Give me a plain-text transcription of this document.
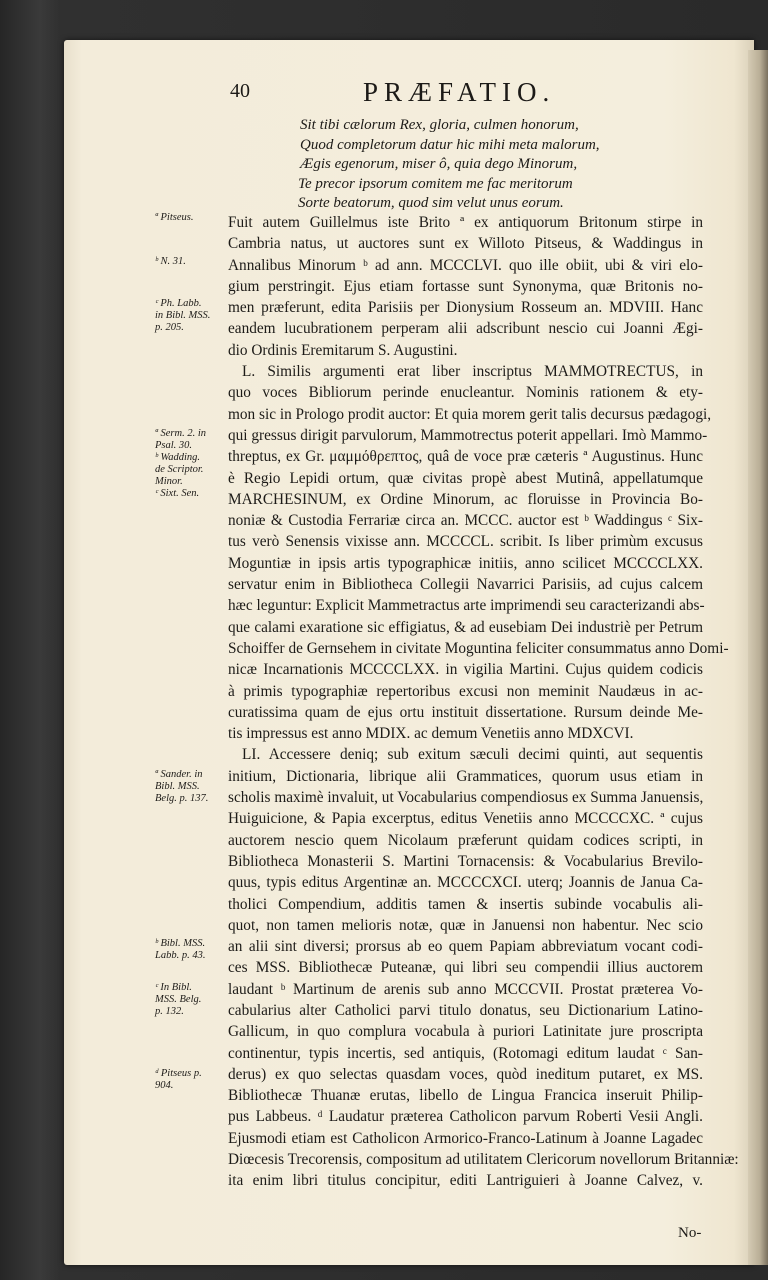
40	PRÆFATIO.
Sit tibi cælorum Rex, gloria, culmen honorum,
Quod completorum datur hic mihi meta malorum,
Ægis egenorum, miser ô, quia dego Minorum,
Te precor ipsorum comitem me fac meritorum
Sorte beatorum, quod sim velut unus eorum.
ª Pitseus.
ᵇ N. 31.
ᶜ Ph. Labb.
in Bibl. MSS.
p. 205.
ª Serm. 2. in
Psal. 30.
ᵇ Wadding.
de Scriptor.
Minor.
ᶜ Sixt. Sen.
ª Sander. in
Bibl. MSS.
Belg. p. 137.
ᵇ Bibl. MSS.
Labb. p. 43.
ᶜ In Bibl.
MSS. Belg.
p. 132.
ᵈ Pitseus p.
904.
Fuit autem Guillelmus iste Brito ª ex antiquorum Britonum stirpe in
Cambria natus, ut auctores sunt ex Willoto Pitseus, & Waddingus in
Annalibus Minorum ᵇ ad ann. MCCCLVI. quo ille obiit, ubi & viri elo-
gium perstringit. Ejus etiam fortasse sunt Synonyma, quæ Britonis no-
men præferunt, edita Parisiis per Dionysium Rosseum an. MDVIII. Hanc
eandem lucubrationem perperam alii adscribunt nescio cui Joanni Ægi-
dio Ordinis Eremitarum S. Augustini.
L. Similis argumenti erat liber inscriptus MAMMOTRECTUS, in
quo voces Bibliorum perinde enucleantur. Nominis rationem & ety-
mon sic in Prologo prodit auctor: Et quia morem gerit talis decursus pædagogi,
qui gressus dirigit parvulorum, Mammotrectus poterit appellari. Imò Mammo-
threptus, ex Gr. μαμμόθρεπτος, quâ de voce præ cæteris ª Augustinus. Hunc
è Regio Lepidi ortum, quæ civitas propè abest Mutinâ, appellatumque
MARCHESINUM, ex Ordine Minorum, ac floruisse in Provincia Bo-
noniæ & Custodia Ferrariæ circa an. MCCC. auctor est ᵇ Waddingus ᶜ Six-
tus verò Senensis vixisse ann. MCCCCL. scribit. Is liber primùm excusus
Moguntiæ in ipsis artis typographicæ initiis, anno scilicet MCCCCLXX.
servatur enim in Bibliotheca Collegii Navarrici Parisiis, ad cujus calcem
hæc leguntur: Explicit Mammetractus arte imprimendi seu caracterizandi abs-
que calami exaratione sic effigiatus, & ad eusebiam Dei industriè per Petrum
Schoiffer de Gernsehem in civitate Moguntina feliciter consummatus anno Domi-
nicæ Incarnationis MCCCCLXX. in vigilia Martini. Cujus quidem codicis
à primis typographiæ repertoribus excusi non meminit Naudæus in ac-
curatissima quam de ejus ortu instituit dissertatione. Rursum deinde Me-
tis impressus est anno MDIX. ac demum Venetiis anno MDXCVI.
LI. Accessere deniq; sub exitum sæculi decimi quinti, aut sequentis
initium, Dictionaria, librique alii Grammatices, quorum usus etiam in
scholis maximè invaluit, ut Vocabularius compendiosus ex Summa Januensis,
Huiguicione, & Papia excerptus, editus Venetiis anno MCCCCXC. ª cujus
auctorem nescio quem Nicolaum præferunt quidam codices scripti, in
Bibliotheca Monasterii S. Martini Tornacensis: & Vocabularius Brevilo-
quus, typis editus Argentinæ an. MCCCCXCI. uterq; Joannis de Janua Ca-
tholici Compendium, additis tamen & insertis subinde vocabulis ali-
quot, non tamen melioris notæ, quæ in Januensi non habentur. Nec scio
an alii sint diversi; prorsus ab eo quem Papiam abbreviatum vocant codi-
ces MSS. Bibliothecæ Puteanæ, qui libri seu compendii illius auctorem
laudant ᵇ Martinum de arenis sub anno MCCCVII. Prostat præterea Vo-
cabularius alter Catholici parvi titulo donatus, seu Dictionarium Latino-
Gallicum, in quo complura vocabula à puriori Latinitate jure proscripta
continentur, typis incertis, sed antiquis, (Rotomagi editum laudat ᶜ San-
derus) ex quo selectas quasdam voces, quòd ineditum putaret, ex MS.
Bibliothecæ Thuanæ erutas, libello de Lingua Francica inseruit Philip-
pus Labbeus. ᵈ Laudatur præterea Catholicon parvum Roberti Vesii Angli.
Ejusmodi etiam est Catholicon Armorico-Franco-Latinum à Joanne Lagadec
Diœcesis Trecorensis, compositum ad utilitatem Clericorum novellorum Britanniæ:
ita enim libri titulus concipitur, editi Lantriguieri à Joanne Calvez, v.
No-
